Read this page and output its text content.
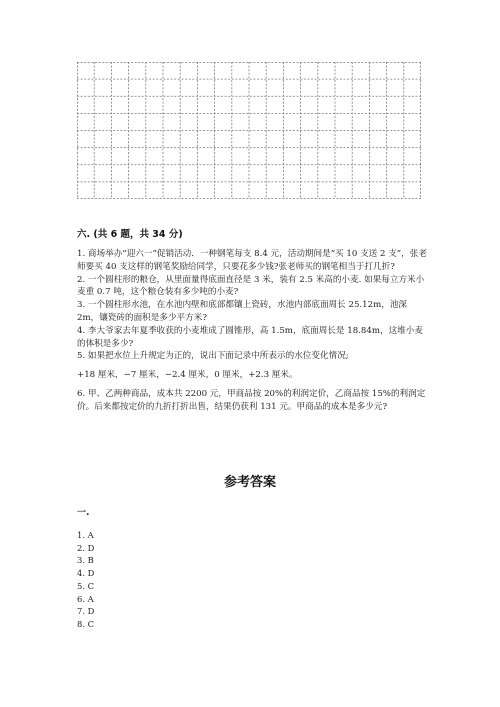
六. (共 6 题，共 34 分)

1. 商场举办“迎六一”促销活动．一种钢笔每支 8.4 元，活动期间是“买 10 支送 2 支”，张老师要买 40 支这样的钢笔奖励给同学，只要花多少钱?张老师买的钢笔相当于打几折?

2. 一个圆柱形的粮仓，从里面量得底面直径是 3 米，装有 2.5 米高的小麦. 如果每立方米小麦重 0.7 吨，这个粮仓装有多少吨的小麦?

3. 一个圆柱形水池，在水池内壁和底部都镶上瓷砖，水池内部底面周长 25.12m，池深 2m，镶瓷砖的面积是多少平方米?

4. 李大爷家去年夏季收获的小麦堆成了圆锥形，高 1.5m，底面周长是 18.84m，这堆小麦的体积是多少?

5. 如果把水位上升规定为正的，说出下面记录中所表示的水位变化情况;

+18 厘米，−7 厘米，−2.4 厘米，0 厘米，+2.3 厘米。

6. 甲、乙两种商品，成本共 2200 元，甲商品按 20%的利润定价，乙商品按 15%的利润定价。后来都按定价的九折打折出售，结果仍获利 131 元。甲商品的成本是多少元?

参考答案
一.
1. A
2. D
3. B
4. D
5. C
6. A
7. D
8. C
